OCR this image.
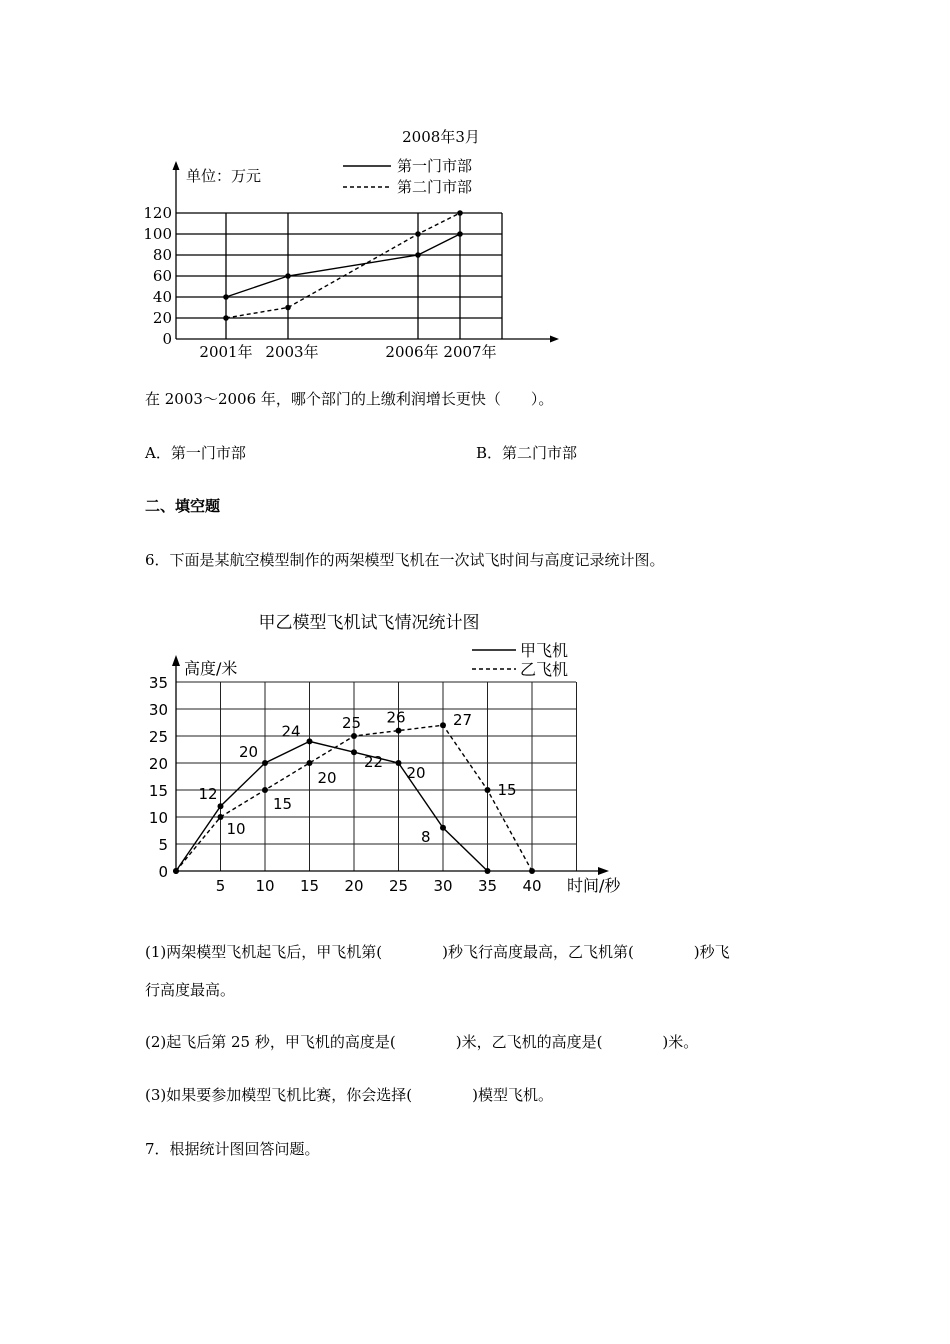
2008年3月
单位：万元
第一门市部
第二门市部
0
20
40
60
80
100
120
2001年 2003年	2006年 2007年
在 2003～2006 年，哪个部门的上缴利润增长更快（　　）。
A．第一门市部	B．第二门市部
二、填空题
6．下面是某航空模型制作的两架模型飞机在一次试飞时间与高度记录统计图。
甲乙模型飞机试飞情况统计图
高度/米
时间/秒
甲飞机
乙飞机
0
5
10
15
20
25
30
35
5 10 15 20 25 30 35 40
12
20
24
22
20
8
10
15
20
25 26	27
15
(1)两架模型飞机起飞后，甲飞机第(　　　　)秒飞行高度最高，乙飞机第(　　　　)秒飞
行高度最高。
(2)起飞后第 25 秒，甲飞机的高度是(　　　　)米，乙飞机的高度是(　　　　)米。
(3)如果要参加模型飞机比赛，你会选择(　　　　)模型飞机。
7．根据统计图回答问题。
